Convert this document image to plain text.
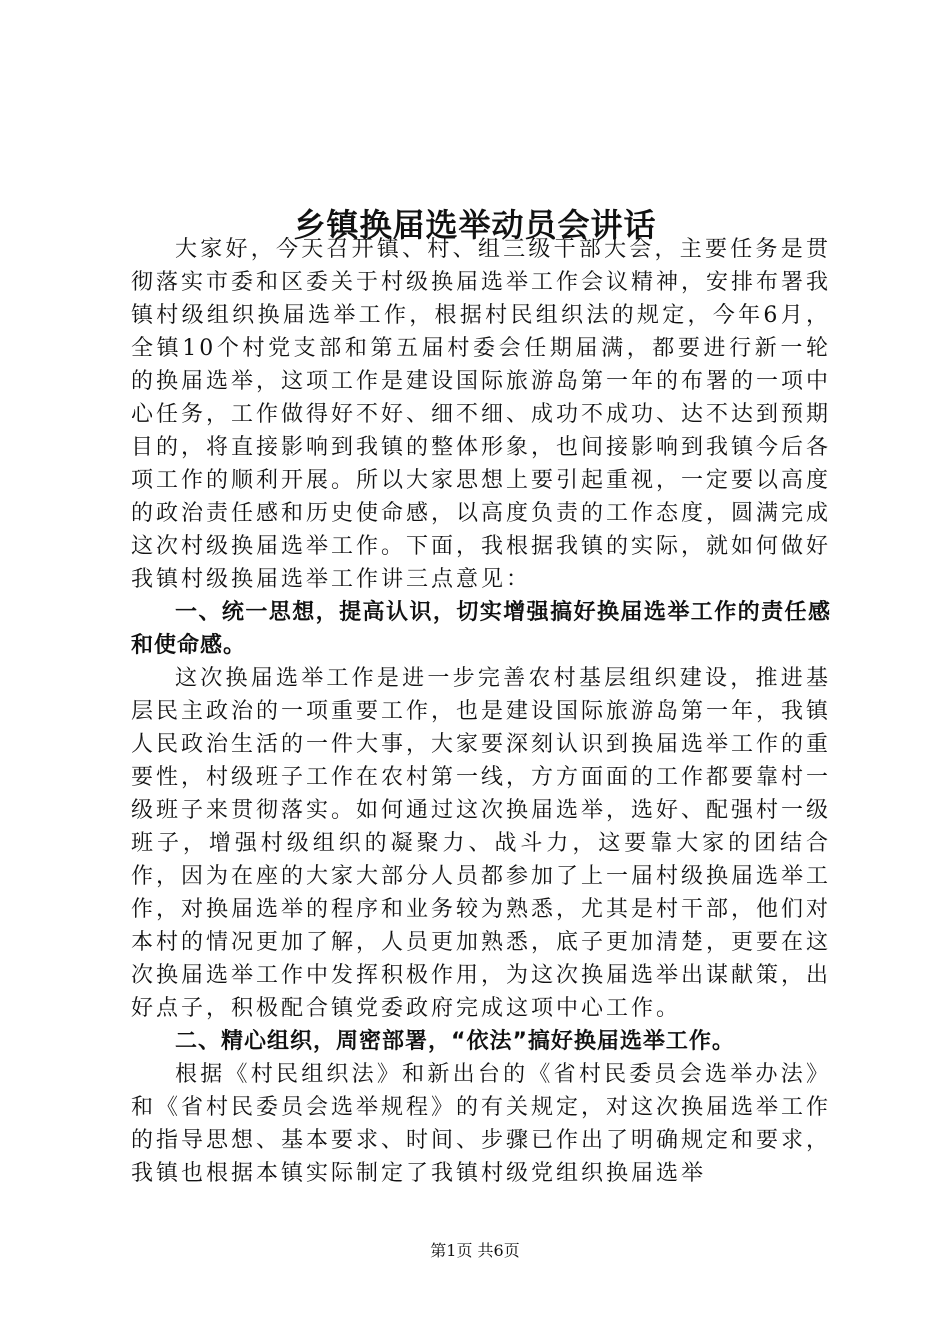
乡镇换届选举动员会讲话

大家好，今天召开镇、村、组三级干部大会，主要任务是贯彻落实市委和区委关于村级换届选举工作会议精神，安排布署我镇村级组织换届选举工作，根据村民组织法的规定，今年6月，全镇10个村党支部和第五届村委会任期届满，都要进行新一轮的换届选举，这项工作是建设国际旅游岛第一年的布署的一项中心任务，工作做得好不好、细不细、成功不成功、达不达到预期目的，将直接影响到我镇的整体形象，也间接影响到我镇今后各项工作的顺利开展。所以大家思想上要引起重视，一定要以高度的政治责任感和历史使命感，以高度负责的工作态度，圆满完成这次村级换届选举工作。下面，我根据我镇的实际，就如何做好我镇村级换届选举工作讲三点意见：

一、统一思想，提高认识，切实增强搞好换届选举工作的责任感和使命感。

这次换届选举工作是进一步完善农村基层组织建设，推进基层民主政治的一项重要工作，也是建设国际旅游岛第一年，我镇人民政治生活的一件大事，大家要深刻认识到换届选举工作的重要性，村级班子工作在农村第一线，方方面面的工作都要靠村一级班子来贯彻落实。如何通过这次换届选举，选好、配强村一级班子，增强村级组织的凝聚力、战斗力，这要靠大家的团结合作，因为在座的大家大部分人员都参加了上一届村级换届选举工作，对换届选举的程序和业务较为熟悉，尤其是村干部，他们对本村的情况更加了解，人员更加熟悉，底子更加清楚，更要在这次换届选举工作中发挥积极作用，为这次换届选举出谋献策，出好点子，积极配合镇党委政府完成这项中心工作。

二、精心组织，周密部署，“依法”搞好换届选举工作。

根据《村民组织法》和新出台的《省村民委员会选举办法》和《省村民委员会选举规程》的有关规定，对这次换届选举工作的指导思想、基本要求、时间、步骤已作出了明确规定和要求，我镇也根据本镇实际制定了我镇村级党组织换届选举

第1页 共6页
